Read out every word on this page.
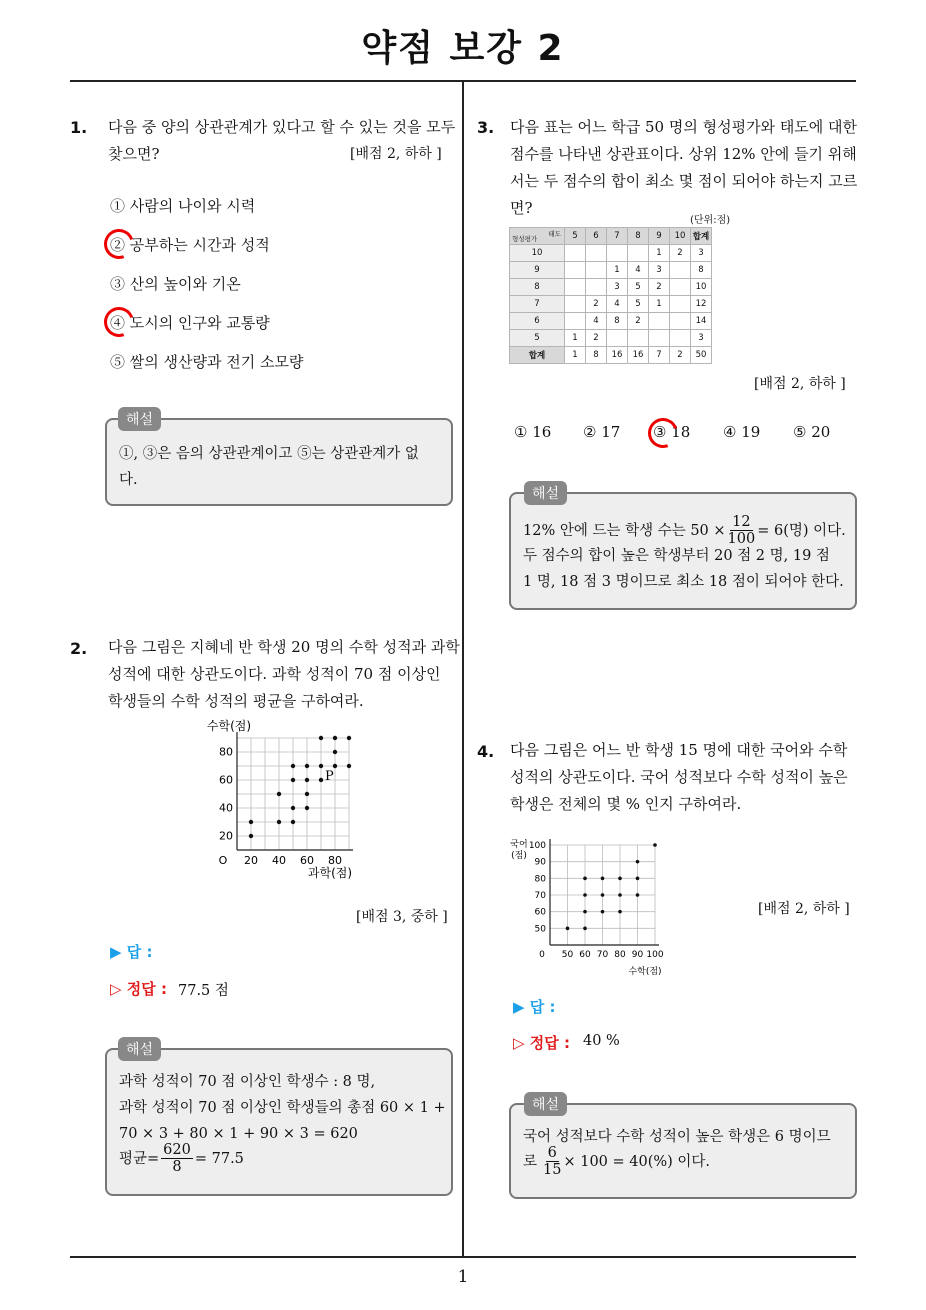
약점 보강 2
1
1. 다음 중 양의 상관관계가 있다고 할 수 있는 것을 모두
찾으면?	[배점 2, 하하 ]
① 사람의 나이와 시력
② 공부하는 시간과 성적
③ 산의 높이와 기온
④ 도시의 인구와 교통량
⑤ 쌀의 생산량과 전기 소모량
①, ③은 음의 상관관계이고 ⑤는 상관관계가 없
다.
해설
2. 다음 그림은 지혜네 반 학생 20 명의 수학 성적과 과학
성적에 대한 상관도이다. 과학 성적이 70 점 이상인
학생들의 수학 성적의 평균을 구하여라.
20 40 60 80
20
40
60
80
O
과학(점)
수학(점)
P
[배점 3, 중하 ]
▶ 답 :
▷ 정답 : 77.5 점
과학 성적이 70 점 이상인 학생수 : 8 명,
과학 성적이 70 점 이상인 학생들의 총점 60 × 1 +
70 × 3 + 80 × 1 + 90 × 3 = 620
평균= $\frac{620}{8} = 77.5$
해설
3. 다음 표는 어느 학급 50 명의 형성평가와 태도에 대한
점수를 나타낸 상관표이다. 상위 12% 안에 들기 위해
서는 두 점수의 합이 최소 몇 점이 되어야 하는지 고르
면?
(단위:점)
태도
형성평가	5	6	7	8	9	10	합계
10					1	2	3
9			1	4	3		8
8			3	5	2		10
7		2	4	5	1		12
6		4	8	2			14
5	1	2					3
합계	1	8	16	16	7	2	50
[배점 2, 하하 ]
① 16 ② 17 ③ 18 ④ 19 ⑤ 20
12% 안에 드는 학생 수는 $50 \times \frac{12}{100} = 6$(명) 이다.
두 점수의 합이 높은 학생부터 20 점 2 명, 19 점
1 명, 18 점 3 명이므로 최소 18 점이 되어야 한다.
해설
4. 다음 그림은 어느 반 학생 15 명에 대한 국어와 수학
성적의 상관도이다. 국어 성적보다 수학 성적이 높은
학생은 전체의 몇 % 인지 구하여라.
50 60 70 80 90 100
50
60
70
80
90
100
0
수학(점)
국어
(점)
[배점 2, 하하 ]
▶ 답 :
▷ 정답 : 40 %
국어 성적보다 수학 성적이 높은 학생은 6 명이므
로 $\frac{6}{15} \times 100 = 40(\%)$ 이다.
해설
